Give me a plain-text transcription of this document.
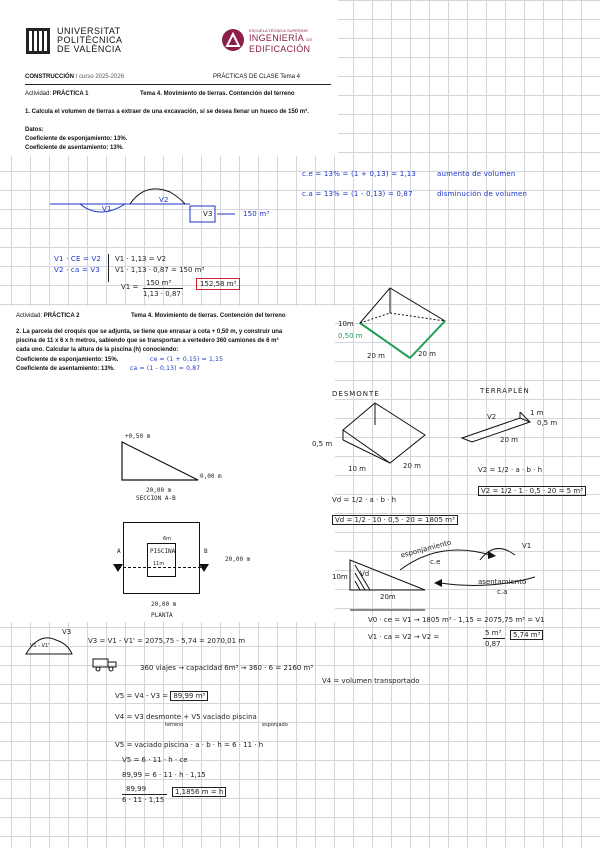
UNIVERSITAT
POLITÈCNICA
DE VALÈNCIA
ESCUELA TÉCNICA SUPERIOR
INGENIERÍA DE
EDIFICACIÓN
CONSTRUCCIÓN I curso 2025-2026	PRÁCTICAS DE CLASE Tema 4
Actividad: PRÁCTICA 1	Tema 4. Movimiento de tierras. Contención del terreno
1. Calcula el volumen de tierras a extraer de una excavación, si se desea llenar un hueco de 150 m³.
Datos:
Coeficiente de esponjamiento: 13%.
Coeficiente de asentamiento: 13%.
c.e = 13% = (1 + 0,13) = 1,13	aumento de volumen
c.a = 13% = (1 - 0,13) = 0,87	disminución de volumen
V1
V2
V3	150 m³
V1 · CE = V2
V2 · ca = V3
V1 · 1,13 = V2
V1 · 1,13 · 0,87 = 150 m³
V1 = 150 m³
1,13 · 0,87
152,58 m³
10m
0,50 m
20 m	20 m
Actividad: PRÁCTICA 2	Tema 4. Movimiento de tierras. Contención del terreno
2. La parcela del croquis que se adjunta, se tiene que enrasar a cota + 0,50 m, y construir una
piscina de 11 x 6 x h metros, sabiendo que se transportan a vertedero 360 camiones de 6 m³
cada uno. Calcular la altura de la piscina (h) conociendo:
Coeficiente de esponjamiento: 15%.	ce = (1 + 0,15) = 1,15
Coeficiente de asentamiento: 13%.	ca = (1 - 0,13) = 0,87
+0,50 m
0,00 m
20,00 m
SECCION A-B
PISCINA
6m
11m
A	B
20,00 m
20,00 m
PLANTA
DESMONTE	TERRAPLÉN
0,5 m
10 m	20 m
V2	1 m
0,5 m
20 m
V2 = 1/2 · a · b · h
V2 = 1/2 · 1 · 0,5 · 20 = 5 m³
Vd = 1/2 · a · b · h
Vd = 1/2 · 10 · 0,5 · 20 = 1805 m³
Vd
esponjamiento
c.e
V1
asentamiento
c.a
10m
20m
V0 · ce = V1 → 1805 m³ · 1,15 = 2075,75 m³ = V1
V1 · ca = V2 → V2 =	5 m³
0,87
5,74 m³
V1 - V1'
V3
V3 = V1 - V1' = 2075,75 - 5,74 = 2070,01 m
360 viajes → capacidad 6m³ → 360 · 6 = 2160 m³
V4 = volumen transportado
V5 = V4 - V3 = 89,99 m³
V4 = V3 desmonte + V5 vaciado piscina
terreno	esponjado
V5 = vaciado piscina · a · b · h = 6 · 11 · h
V5 = 6 · 11 · h · ce
89,99 = 6 · 11 · h · 1,15
89,99
6 · 11 · 1,15
1,1856 m = h
